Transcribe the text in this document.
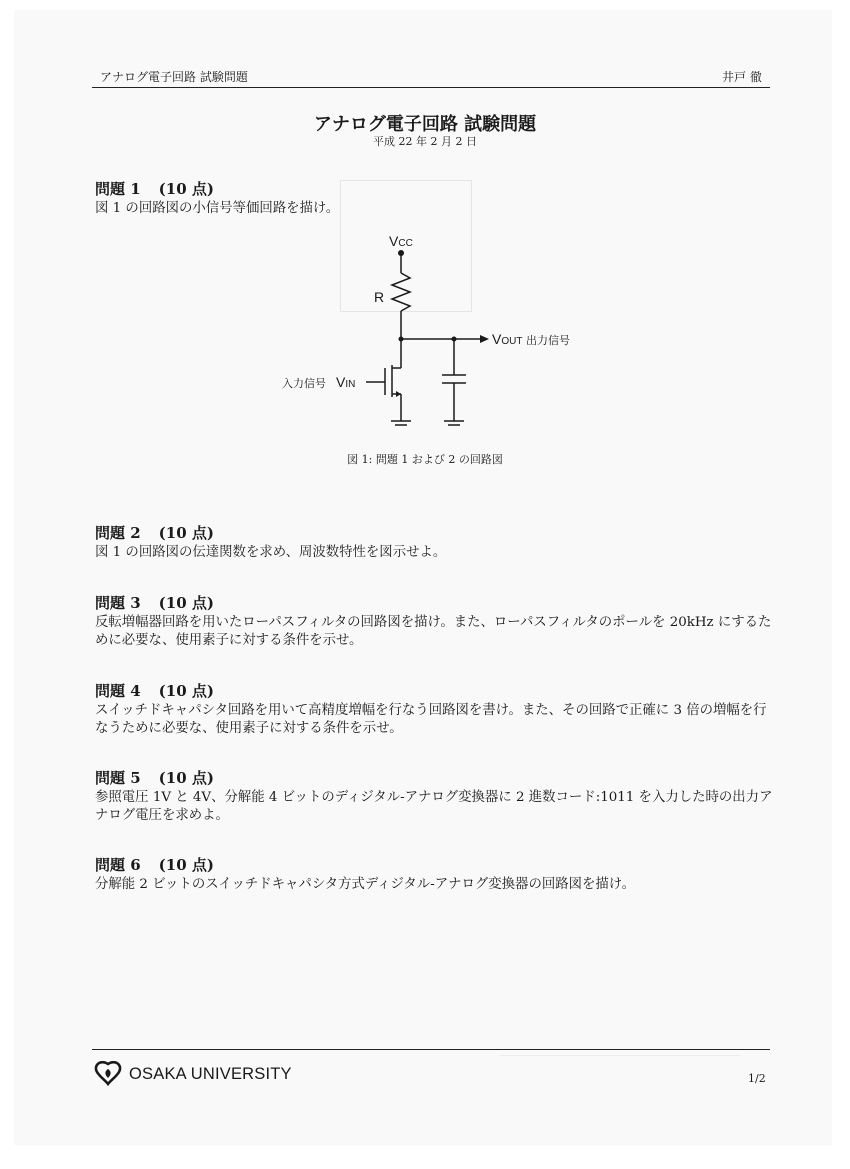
アナログ電子回路 試験問題	井戸 徹
アナログ電子回路 試験問題
平成 22 年 2 月 2 日
問題 1 (10 点)
図 1 の回路図の小信号等価回路を描け。
VCC
R
VOUT 出力信号
入力信号 VIN
図 1: 問題 1 および 2 の回路図
問題 2 (10 点)
図 1 の回路図の伝達関数を求め、周波数特性を図示せよ。
問題 3 (10 点)
反転増幅器回路を用いたローパスフィルタの回路図を描け。また、ローパスフィルタのポールを 20kHz にするために必要な、使用素子に対する条件を示せ。
問題 4 (10 点)
スイッチドキャパシタ回路を用いて高精度増幅を行なう回路図を書け。また、その回路で正確に 3 倍の増幅を行なうために必要な、使用素子に対する条件を示せ。
問題 5 (10 点)
参照電圧 1V と 4V、分解能 4 ビットのディジタル-アナログ変換器に 2 進数コード:1011 を入力した時の出力アナログ電圧を求めよ。
問題 6 (10 点)
分解能 2 ビットのスイッチドキャパシタ方式ディジタル-アナログ変換器の回路図を描け。
OSAKA UNIVERSITY	1/2
